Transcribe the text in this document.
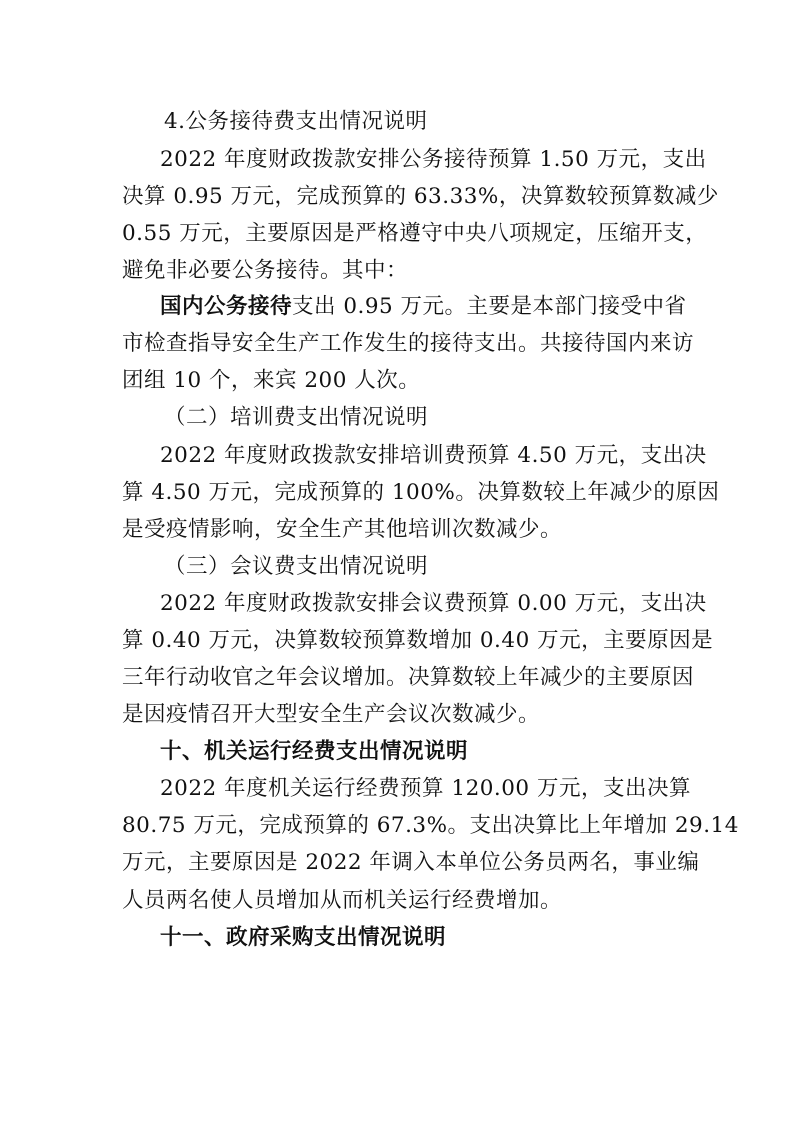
4.公务接待费支出情况说明
2022 年度财政拨款安排公务接待预算 1.50 万元，支出
决算 0.95 万元，完成预算的 63.33%，决算数较预算数减少
0.55 万元，主要原因是严格遵守中央八项规定，压缩开支，
避免非必要公务接待。其中：
国内公务接待支出 0.95 万元。主要是本部门接受中省
市检查指导安全生产工作发生的接待支出。共接待国内来访
团组 10 个，来宾 200 人次。
（二）培训费支出情况说明
2022 年度财政拨款安排培训费预算 4.50 万元，支出决
算 4.50 万元，完成预算的 100%。决算数较上年减少的原因
是受疫情影响，安全生产其他培训次数减少。
（三）会议费支出情况说明
2022 年度财政拨款安排会议费预算 0.00 万元，支出决
算 0.40 万元，决算数较预算数增加 0.40 万元，主要原因是
三年行动收官之年会议增加。决算数较上年减少的主要原因
是因疫情召开大型安全生产会议次数减少。
十、机关运行经费支出情况说明
2022 年度机关运行经费预算 120.00 万元，支出决算
80.75 万元，完成预算的 67.3%。支出决算比上年增加 29.14
万元，主要原因是 2022 年调入本单位公务员两名，事业编
人员两名使人员增加从而机关运行经费增加。
十一、政府采购支出情况说明
